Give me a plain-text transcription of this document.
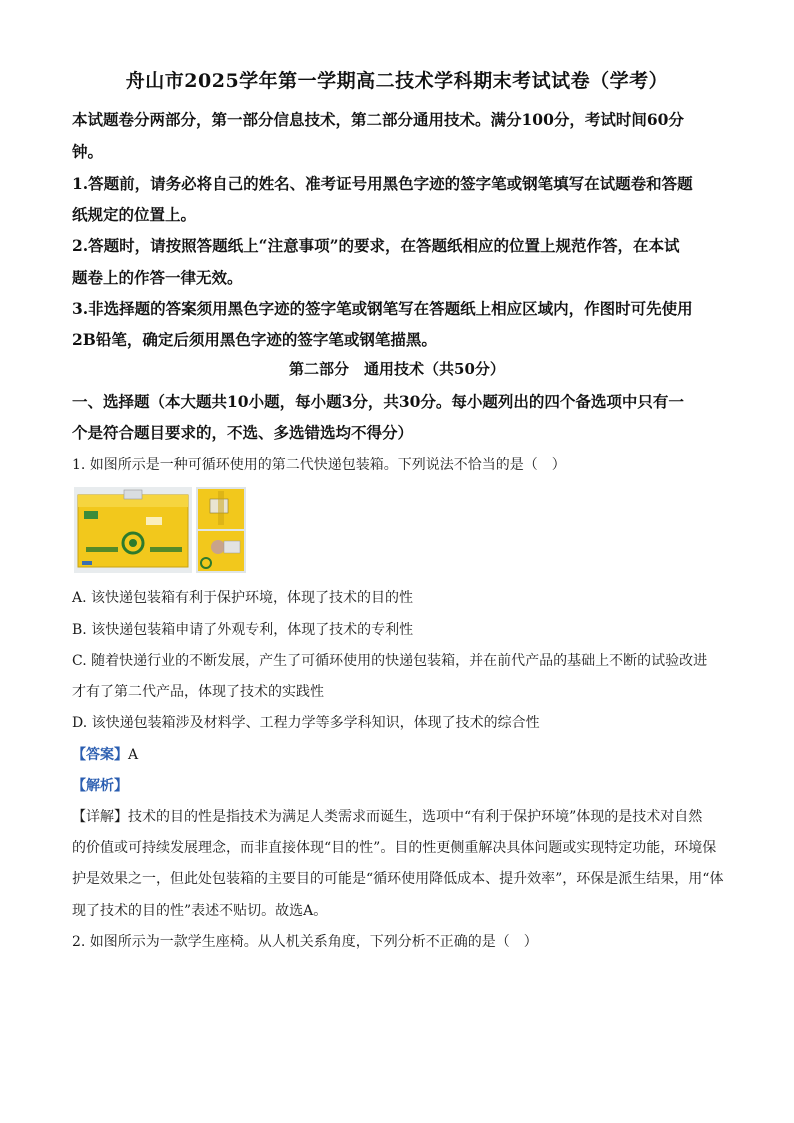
舟山市2025学年第一学期高二技术学科期末考试试卷（学考）
本试题卷分两部分，第一部分信息技术，第二部分通用技术。满分100分，考试时间60分
钟。
1.答题前，请务必将自己的姓名、准考证号用黑色字迹的签字笔或钢笔填写在试题卷和答题
纸规定的位置上。
2.答题时，请按照答题纸上“注意事项”的要求，在答题纸相应的位置上规范作答，在本试
题卷上的作答一律无效。
3.非选择题的答案须用黑色字迹的签字笔或钢笔写在答题纸上相应区域内，作图时可先使用
2B铅笔，确定后须用黑色字迹的签字笔或钢笔描黑。
第二部分　通用技术（共50分）
一、选择题（本大题共10小题，每小题3分，共30分。每小题列出的四个备选项中只有一
个是符合题目要求的，不选、多选错选均不得分）
1. 如图所示是一种可循环使用的第二代快递包装箱。下列说法不恰当的是（　）
A. 该快递包装箱有利于保护环境，体现了技术的目的性
B. 该快递包装箱申请了外观专利，体现了技术的专利性
C. 随着快递行业的不断发展，产生了可循环使用的快递包装箱，并在前代产品的基础上不断的试验改进
才有了第二代产品，体现了技术的实践性
D. 该快递包装箱涉及材料学、工程力学等多学科知识，体现了技术的综合性
【答案】A
【解析】
【详解】技术的目的性是指技术为满足人类需求而诞生，选项中“有利于保护环境”体现的是技术对自然
的价值或可持续发展理念，而非直接体现“目的性”。目的性更侧重解决具体问题或实现特定功能，环境保
护是效果之一，但此处包装箱的主要目的可能是“循环使用降低成本、提升效率”，环保是派生结果，用“体
现了技术的目的性”表述不贴切。故选A。
2. 如图所示为一款学生座椅。从人机关系角度，下列分析不正确的是（　）
